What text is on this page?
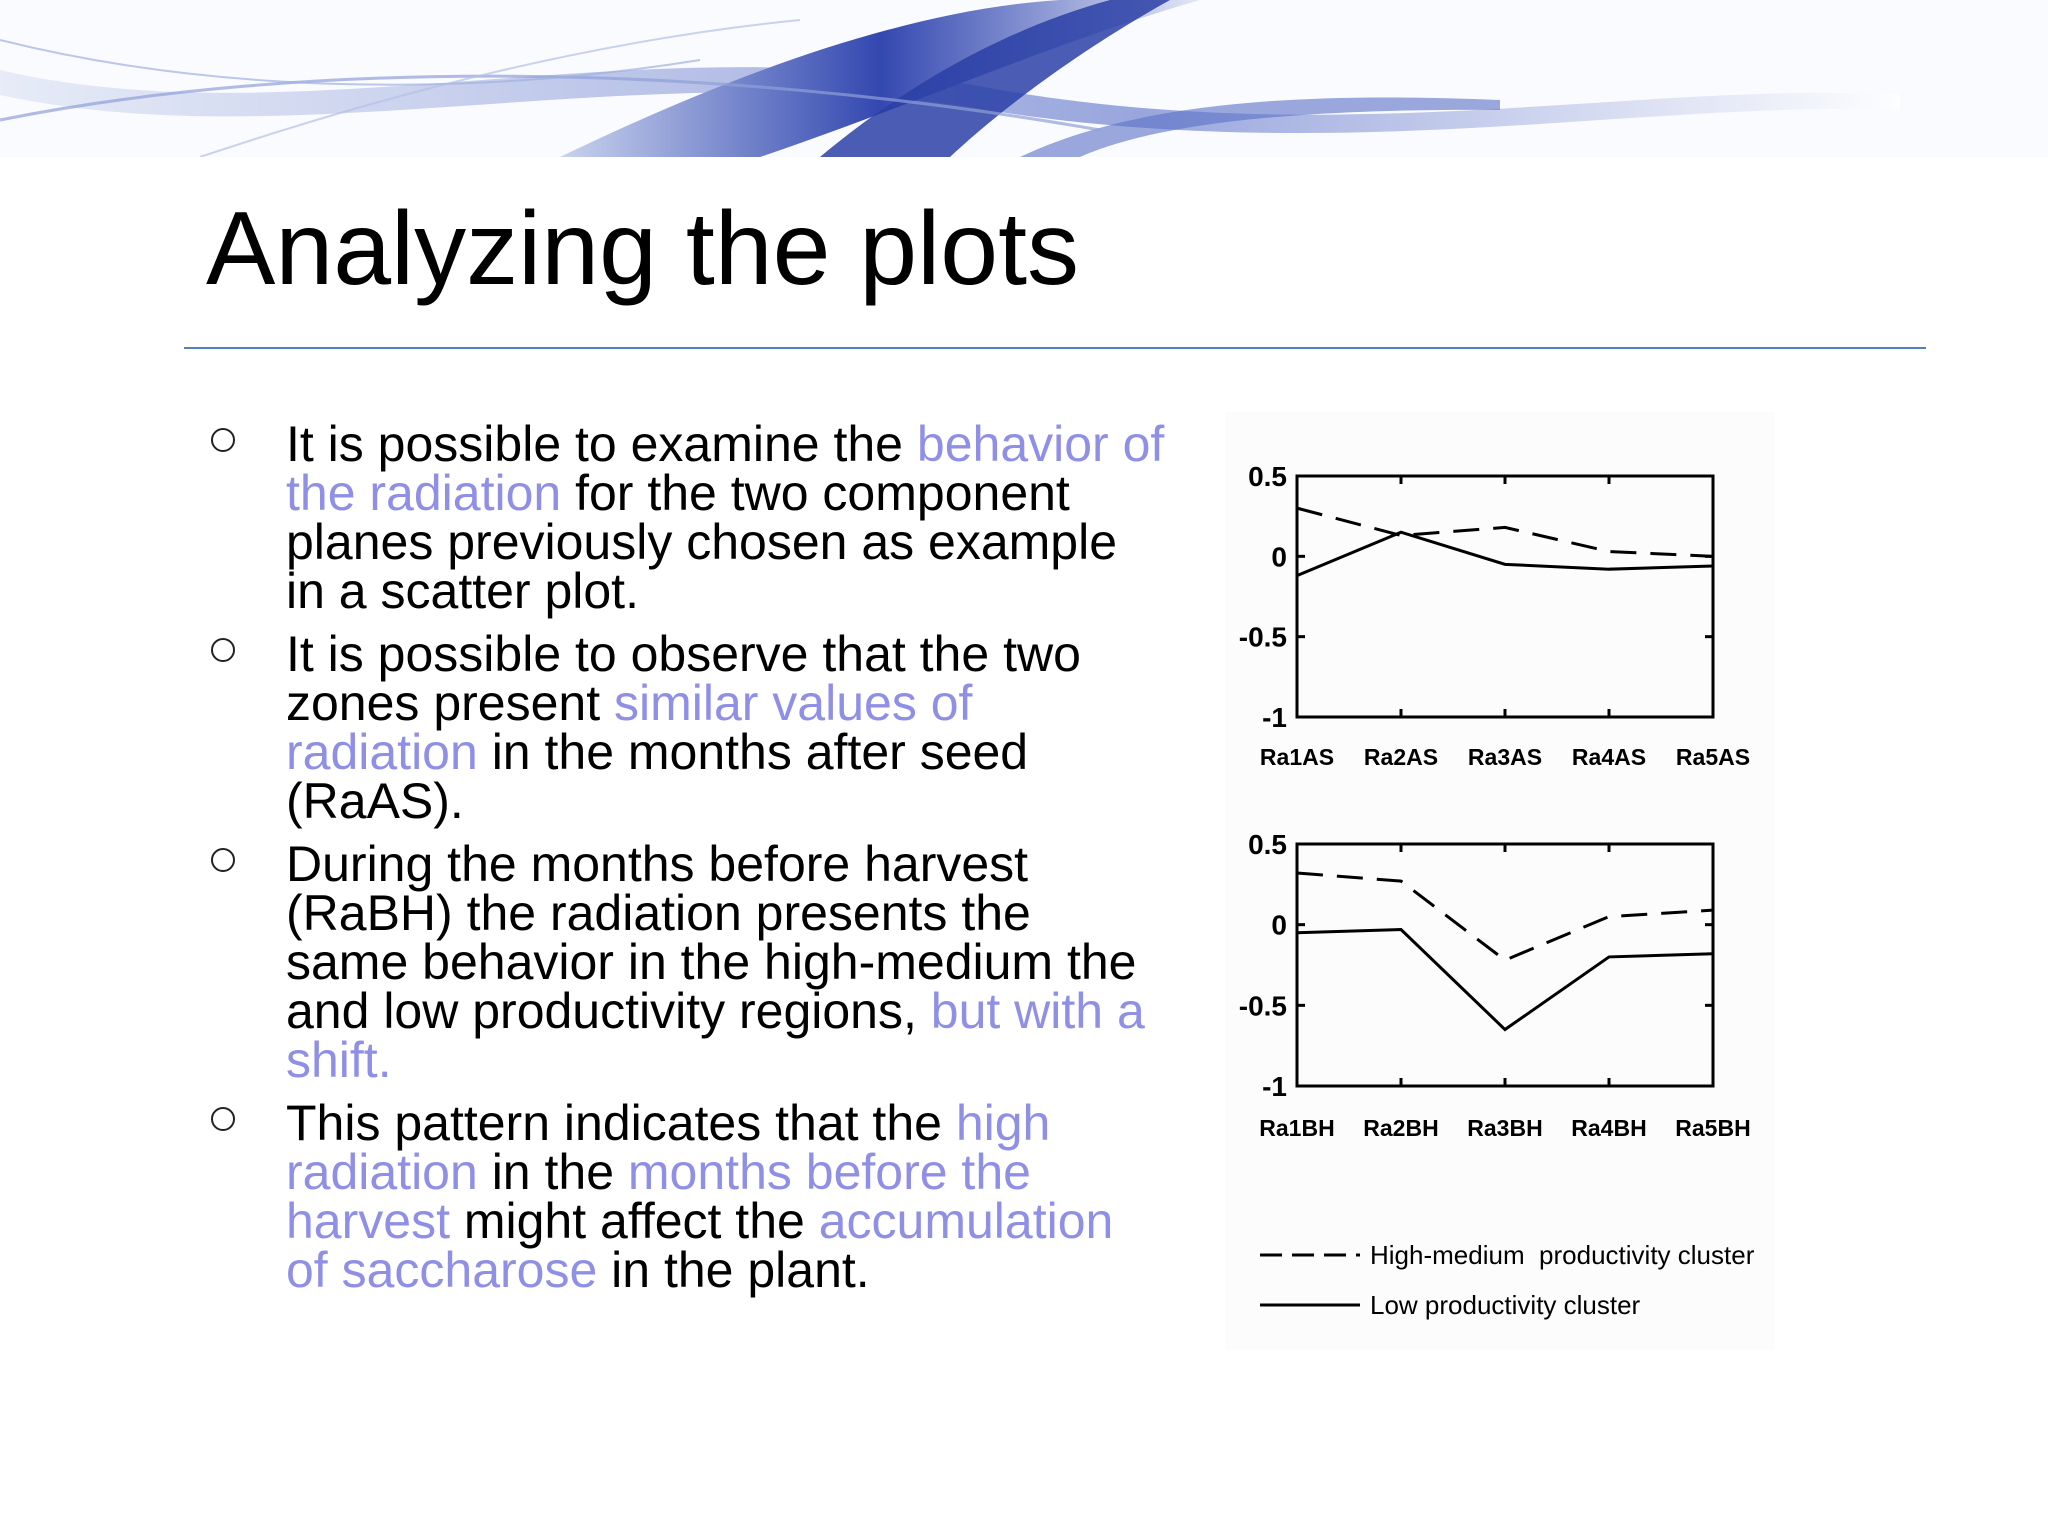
Analyzing the plots
It is possible to examine the behavior of the radiation for the two component planes previously chosen as example in a scatter plot.
It is possible to observe that the two zones present similar values of radiation in the months after seed (RaAS).
During the months before harvest (RaBH) the radiation presents the same behavior in the high-medium the and low productivity regions, but with a shift.
This pattern indicates that the high radiation in the months before the harvest might affect the accumulation of saccharose in the plant.
0.5
0
-0.5
-1
Ra1AS Ra2AS Ra3AS Ra4AS Ra5AS
0.5
0
-0.5
-1
Ra1BH Ra2BH Ra3BH Ra4BH Ra5BH
High-medium  productivity cluster
Low productivity cluster
